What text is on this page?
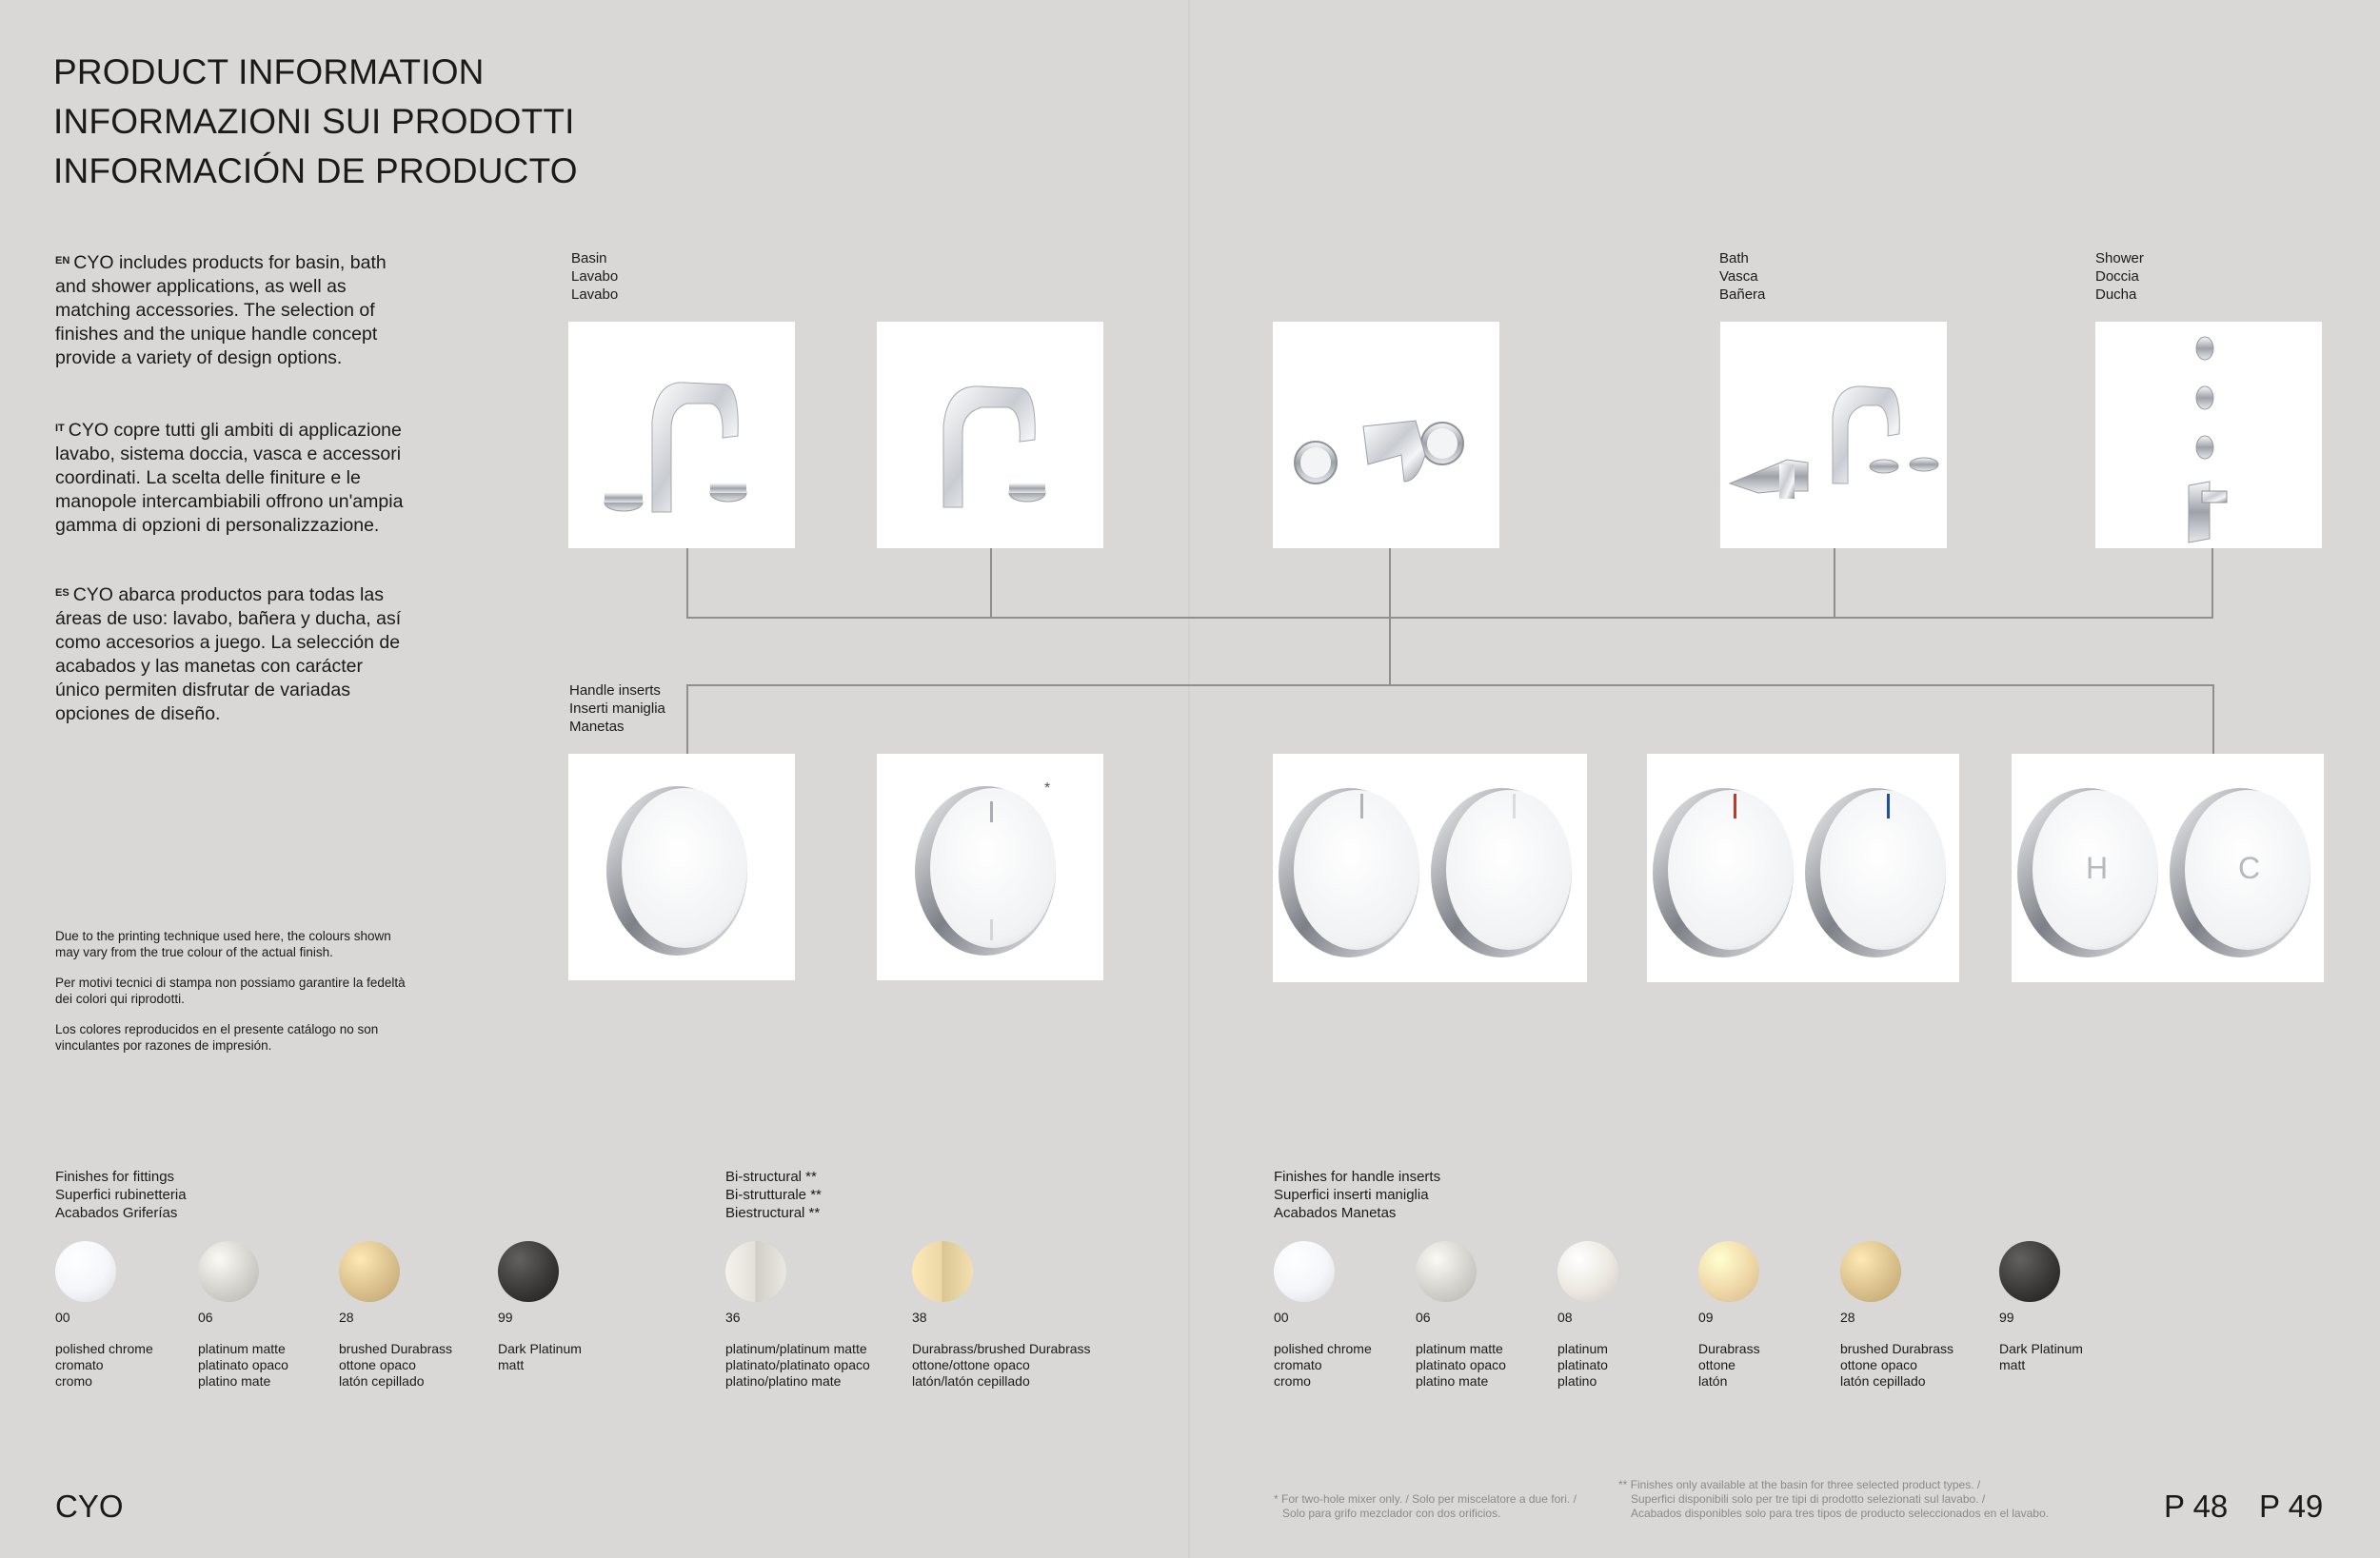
PRODUCT INFORMATION
INFORMAZIONI SUI PRODOTTI
INFORMACIÓN DE PRODUCTO

$^{EN}$ CYO includes products for basin, bath and shower applications, as well as matching accessories. The selection of finishes and the unique handle concept provide a variety of design options.

$^{IT}$ CYO copre tutti gli ambiti di applicazione lavabo, sistema doccia, vasca e accessori coordinati. La scelta delle finiture e le manopole intercambiabili offrono un'ampia gamma di opzioni di personalizzazione.

$^{ES}$ CYO abarca productos para todas las áreas de uso: lavabo, bañera y ducha, así como accesorios a juego. La selección de acabados y las manetas con carácter único permiten disfrutar de variadas opciones de diseño.

Due to the printing technique used here, the colours shown may vary from the true colour of the actual finish.

Per motivi tecnici di stampa non possiamo garantire la fedeltà dei colori qui riprodotti.

Los colores reproducidos en el presente catálogo no son vinculantes por razones de impresión.

Basin
Lavabo
Lavabo
Bath
Vasca
Bañera
Shower
Doccia
Ducha
Handle inserts
Inserti maniglia
Manetas
*
H	C
Finishes for fittings
Superfici rubinetteria
Acabados Griferías
Bi-structural **
Bi-strutturale **
Biestructural **
Finishes for handle inserts
Superfici inserti maniglia
Acabados Manetas
00
polished chrome
cromato
cromo
06
platinum matte
platinato opaco
platino mate
28
brushed Durabrass
ottone opaco
latón cepillado
99
Dark Platinum
matt
36
platinum/platinum matte
platinato/platinato opaco
platino/platino mate
38
Durabrass/brushed Durabrass
ottone/ottone opaco
latón/latón cepillado
00
polished chrome
cromato
cromo
06
platinum matte
platinato opaco
platino mate
08
platinum
platinato
platino
09
Durabrass
ottone
latón
28
brushed Durabrass
ottone opaco
latón cepillado
99
Dark Platinum
matt
CYO	* For two-hole mixer only. / Solo per miscelatore a due fori. /
Solo para grifo mezclador con dos orificios.
** Finishes only available at the basin for three selected product types. /
Superfici disponibili solo per tre tipi di prodotto selezionati sul lavabo. /
Acabados disponibles solo para tres tipos de producto seleccionados en el lavabo.	P 48 P 49
